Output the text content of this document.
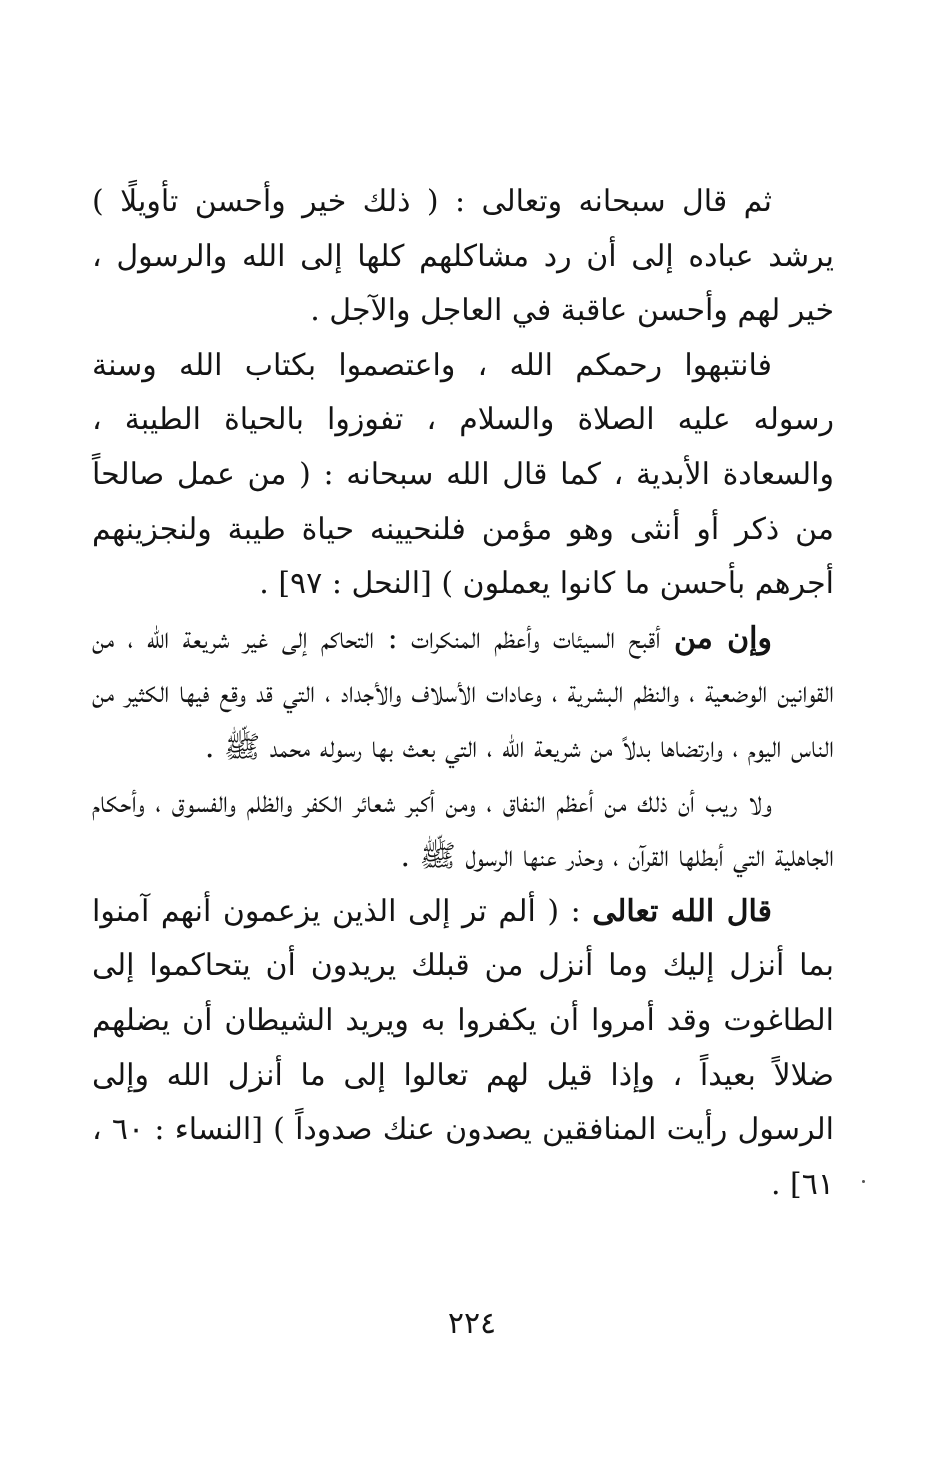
ثم قال سبحانه وتعالى : ( ذلك خير وأحسن تأويلًا ) يرشد عباده إلى أن رد مشاكلهم كلها إلى الله والرسول ، خير لهم وأحسن عاقبة في العاجل والآجل .

فانتبهوا رحمكم الله ، واعتصموا بكتاب الله وسنة رسوله عليه الصلاة والسلام ، تفوزوا بالحياة الطيبة ، والسعادة الأبدية ، كما قال الله سبحانه : ( من عمل صالحاً من ذكر أو أنثى وهو مؤمن فلنحيينه حياة طيبة ولنجزينهم أجرهم بأحسن ما كانوا يعملون ) [النحل : ٩٧] .

وإن من أقبح السيئات وأعظم المنكرات : التحاكم إلى غير شريعة الله ، من القوانين الوضعية ، والنظم البشرية ، وعادات الأسلاف والأجداد ، التي قد وقع فيها الكثير من الناس اليوم ، وارتضاها بدلاً من شريعة الله ، التي بعث بها رسوله محمد ﷺ .

ولا ريب أن ذلك من أعظم النفاق ، ومن أكبر شعائر الكفر والظلم والفسوق ، وأحكام الجاهلية التي أبطلها القرآن ، وحذر عنها الرسول ﷺ .

قال الله تعالى : ( ألم تر إلى الذين يزعمون أنهم آمنوا بما أنزل إليك وما أنزل من قبلك يريدون أن يتحاكموا إلى الطاغوت وقد أمروا أن يكفروا به ويريد الشيطان أن يضلهم ضلالاً بعيداً ، وإذا قيل لهم تعالوا إلى ما أنزل الله وإلى الرسول رأيت المنافقين يصدون عنك صدوداً ) [النساء : ٦٠ ، ٦١] .

٢٢٤
